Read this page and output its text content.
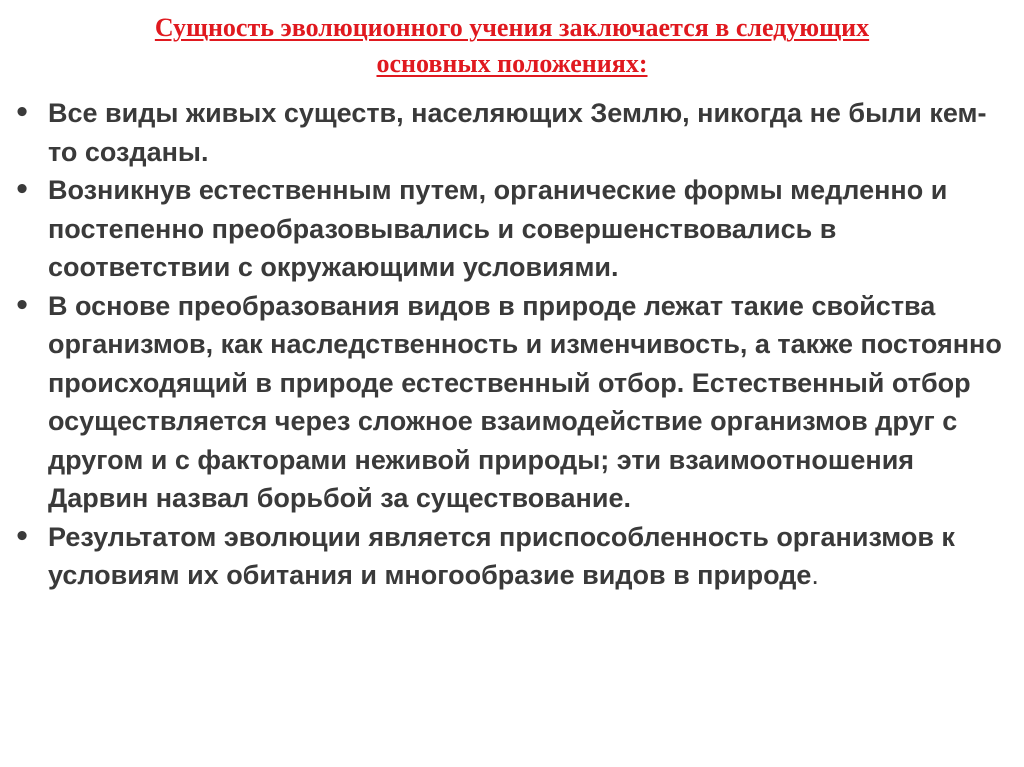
Сущность эволюционного учения заключается в следующих
основных положениях:
• Все виды живых существ, населяющих Землю, никогда не были кем-то созданы.
• Возникнув естественным путем, органические формы медленно и постепенно преобразовывались и совершенствовались в соответствии с окружающими условиями.
• В основе преобразования видов в природе лежат такие свойства организмов, как наследственность и изменчивость, а также постоянно происходящий в природе естественный отбор. Естественный отбор осуществляется через сложное взаимодействие организмов друг с другом и с факторами неживой природы; эти взаимоотношения Дарвин назвал борьбой за существование.
• Результатом эволюции является приспособленность организмов к условиям их обитания и многообразие видов в природе.
